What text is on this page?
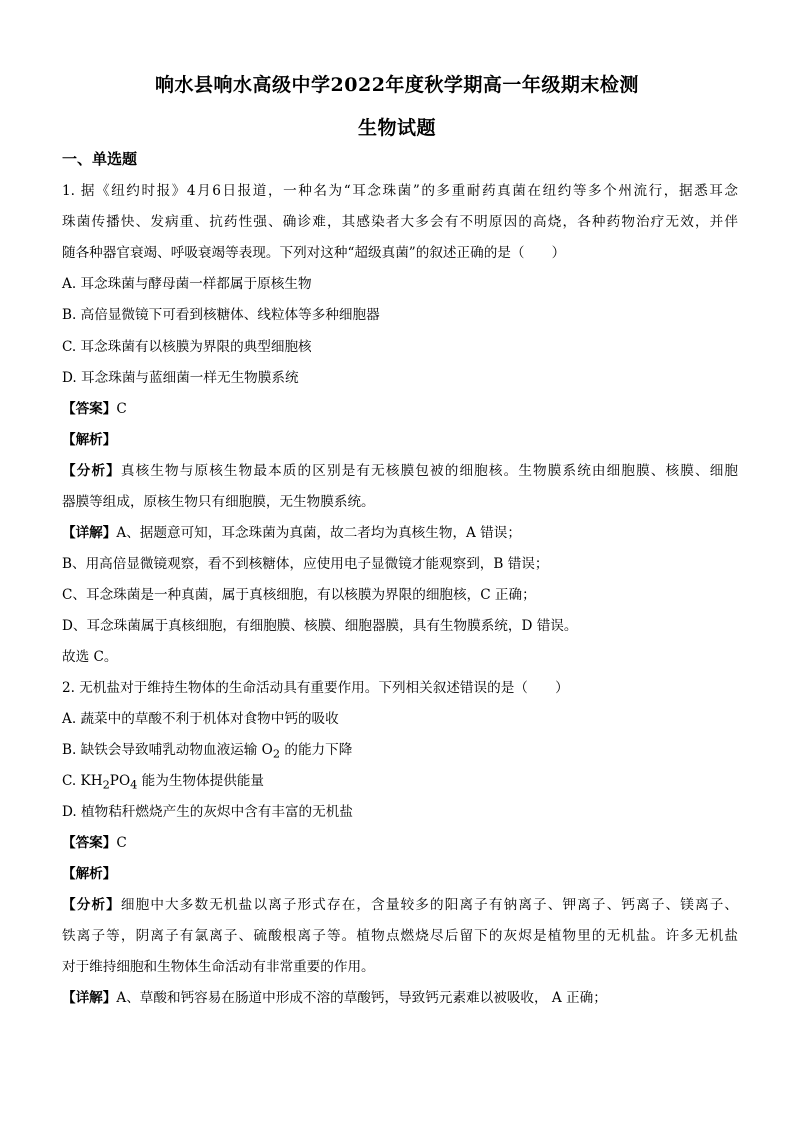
响水县响水高级中学2022年度秋学期高一年级期末检测
生物试题
一、单选题
1. 据《纽约时报》4月6日报道，一种名为“耳念珠菌”的多重耐药真菌在纽约等多个州流行，据悉耳念
珠菌传播快、发病重、抗药性强、确诊难，其感染者大多会有不明原因的高烧，各种药物治疗无效，并伴
随各种器官衰竭、呼吸衰竭等表现。下列对这种“超级真菌”的叙述正确的是（　　）
A. 耳念珠菌与酵母菌一样都属于原核生物
B. 高倍显微镜下可看到核糖体、线粒体等多种细胞器
C. 耳念珠菌有以核膜为界限的典型细胞核
D. 耳念珠菌与蓝细菌一样无生物膜系统
【答案】C
【解析】
【分析】真核生物与原核生物最本质的区别是有无核膜包被的细胞核。生物膜系统由细胞膜、核膜、细胞
器膜等组成，原核生物只有细胞膜，无生物膜系统。
【详解】A、据题意可知，耳念珠菌为真菌，故二者均为真核生物，A 错误；
B、用高倍显微镜观察，看不到核糖体，应使用电子显微镜才能观察到，B 错误；
C、耳念珠菌是一种真菌，属于真核细胞，有以核膜为界限的细胞核，C 正确；
D、耳念珠菌属于真核细胞，有细胞膜、核膜、细胞器膜，具有生物膜系统，D 错误。
故选 C。
2. 无机盐对于维持生物体的生命活动具有重要作用。下列相关叙述错误的是（　　）
A. 蔬菜中的草酸不利于机体对食物中钙的吸收
B. 缺铁会导致哺乳动物血液运输 $O_2$ 的能力下降
C. $KH_2PO_4$ 能为生物体提供能量
D. 植物秸秆燃烧产生的灰烬中含有丰富的无机盐
【答案】C
【解析】
【分析】细胞中大多数无机盐以离子形式存在，含量较多的阳离子有钠离子、钾离子、钙离子、镁离子、
铁离子等，阴离子有氯离子、硫酸根离子等。植物点燃烧尽后留下的灰烬是植物里的无机盐。许多无机盐
对于维持细胞和生物体生命活动有非常重要的作用。
【详解】A、草酸和钙容易在肠道中形成不溶的草酸钙，导致钙元素难以被吸收， A 正确；
